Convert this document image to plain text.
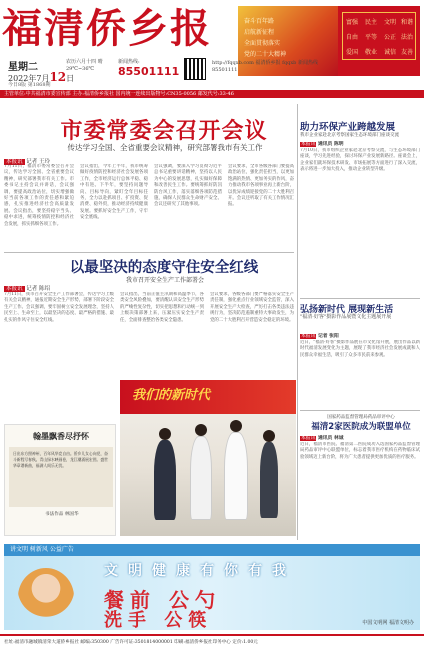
福清侨乡报	奋斗百年路
启航新征程
全面贯彻落实
党的二十大精神
富强 民主 文明 和谐
自由 平等 公正 法治
爱国 敬业 诚信 友善
星期二
2022年7月12日
今日8版 第1868期
农历六月十四 晴 29℃~36℃
新闻热线:
85501111
http://fqqxb.com 福清侨乡报 fqqxb 新闻热线85501111
主管单位:中共福清市委宣传部 主办:福清侨乡报社 国内统一连续出版物号:CN35-0056 邮发代号:33-46
市委常委会召开会议
传达学习全国、全省重要会议精神，研究部署我市有关工作
本报讯 记者 王玲
7月11日，福清市委常委会召开会议，传达学习全国、全省重要会议精神，研究部署我市有关工作。市委书记主持会议并讲话，会议强调，要提高政治站位，切实增强做好当前各项工作的责任感和紧迫感，扎实推进经济社会高质量发展。会议指出，要坚持稳字当头、稳中求进，统筹疫情防控和经济社会发展，抓实抓细各项工作。
会议指出，今年上半年，我市统筹做好疫情防控和经济社会发展各项工作，全市经济运行总体平稳、稳中有进。下半年，要坚持问题导向、目标导向，紧盯全年目标任务，全力以赴抓项目、扩投资、促消费、稳外贸，推动经济持续健康发展。要抓好安全生产工作，守牢安全底线。
会议强调，要深入学习贯彻习近平总书记重要讲话精神，坚持以人民为中心的发展思想，扎实做好保障和改善民生工作。要统筹抓好防汛防台风工作，落实落细各项防范措施，确保人民群众生命财产安全。会议还研究了其他事项。
会议要求，全市各级各部门要提高政治站位，强化责任担当，以更加饱满的热情、更加务实的作风，奋力推动我市各项事业再上新台阶，以优异成绩迎接党的二十大胜利召开。会议还听取了有关工作情况汇报。
以最坚决的态度守住安全红线
我市召开安全生产工作部署会
本报讯 记者 陈绍
7月11日，我市召开安全生产工作部署会，传达学习上级有关会议精神，通报近期安全生产形势，部署下阶段安全生产工作。会议强调，要牢固树立安全发展理念，坚持人民至上、生命至上，以最坚决的态度、最严格的措施、最扎实的作风守住安全红线。
会议指出，当前正值主汛期和高温季节，各类安全风险叠加，要清醒认识安全生产形势的严峻性复杂性，切实把思想和行动统一到上级决策部署上来，压紧压实安全生产责任，全面排查整治各类安全隐患。
会议要求，各级各部门要严格落实安全生产责任制，强化重点行业领域安全监管，深入开展安全生产大检查，严厉打击各类违法违规行为，坚决防范遏制重特大事故发生，为党的二十大胜利召开营造安全稳定的环境。
我们的新时代
翰墨飘香尽抒怀
日出东方照神州，百年风华竞自由。侨乡儿女心向党，奋斗新程写春秋。青山绿水映画卷，龙江潮涌展宏图。盛世华章谱新曲，福满人间乐无忧。
书法作品 林国华
助力环保产业跨越发展
我市企业家赴北京考察国家生态环境部门座谈交流
本报讯 通讯员 陈明
7月10日，我市组织企业家赴北京考察交流，与生态环境部门座谈，学习先进经验，探讨环保产业发展新路径。座谈会上，企业家们就环保技术研发、市场拓展等方面进行了深入交流，表示将进一步加大投入，推动企业转型升级。
弘扬新时代 展现新生活
"福清·好客"摄影作品展暨文化主题展开展
本报讯 记者 张阳
近日，"福清·好客"摄影作品展在市文化馆开展，展出作品以新时代福清发展变化为主题，展现了我市经济社会发展成就和人民群众幸福生活，吸引了众多市民前来参观。
国家药品监督管理局药品审评中心
福清2家医院成为联盟单位
本报讯 通讯员 林诚
近日，福清市医院、福清第二医院成功入选国家药品监督管理局药品审评中心联盟单位，标志着我市医疗机构在药物临床试验领域迈上新台阶，将为广大患者提供更加优质的医疗服务。
讲文明 树新风 公益广告
文明健康有你有我
餐前 公勺
洗手 公筷	中国文明网 福清文明办
社址:福清市融城镇清荣大道侨乡报社 邮编:350300 广告许可证:3501814000001 印刷:福清侨乡报社印务中心 定价:1.00元
